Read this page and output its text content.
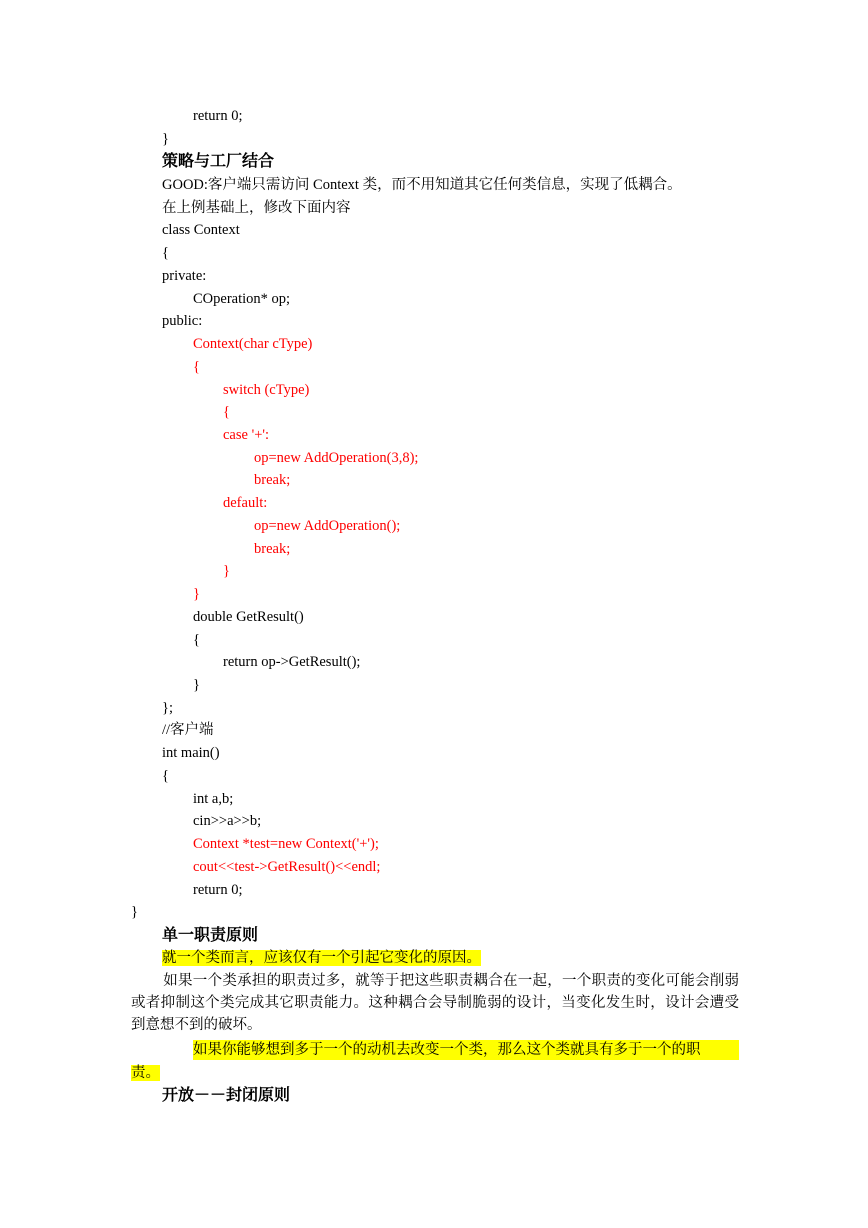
return 0;
}
策略与工厂结合
GOOD:客户端只需访问 Context 类，而不用知道其它任何类信息，实现了低耦合。
在上例基础上，修改下面内容
class Context
{
private:
COperation* op;
public:
Context(char cType)
{
switch (cType)
{
case '+':
op=new AddOperation(3,8);
break;
default:
op=new AddOperation();
break;
}
}
double GetResult()
{
return op->GetResult();
}
};
//客户端
int main()
{
int a,b;
cin>>a>>b;
Context *test=new Context('+');
cout<<test->GetResult()<<endl;
return 0;
}
单一职责原则
就一个类而言，应该仅有一个引起它变化的原因。
如果一个类承担的职责过多，就等于把这些职责耦合在一起，一个职责的变化可能会削弱或者抑制这个类完成其它职责能力。这种耦合会导制脆弱的设计，当变化发生时，设计会遭受到意想不到的破坏。
如果你能够想到多于一个的动机去改变一个类，那么这个类就具有多于一个的职
责。
开放－－封闭原则
